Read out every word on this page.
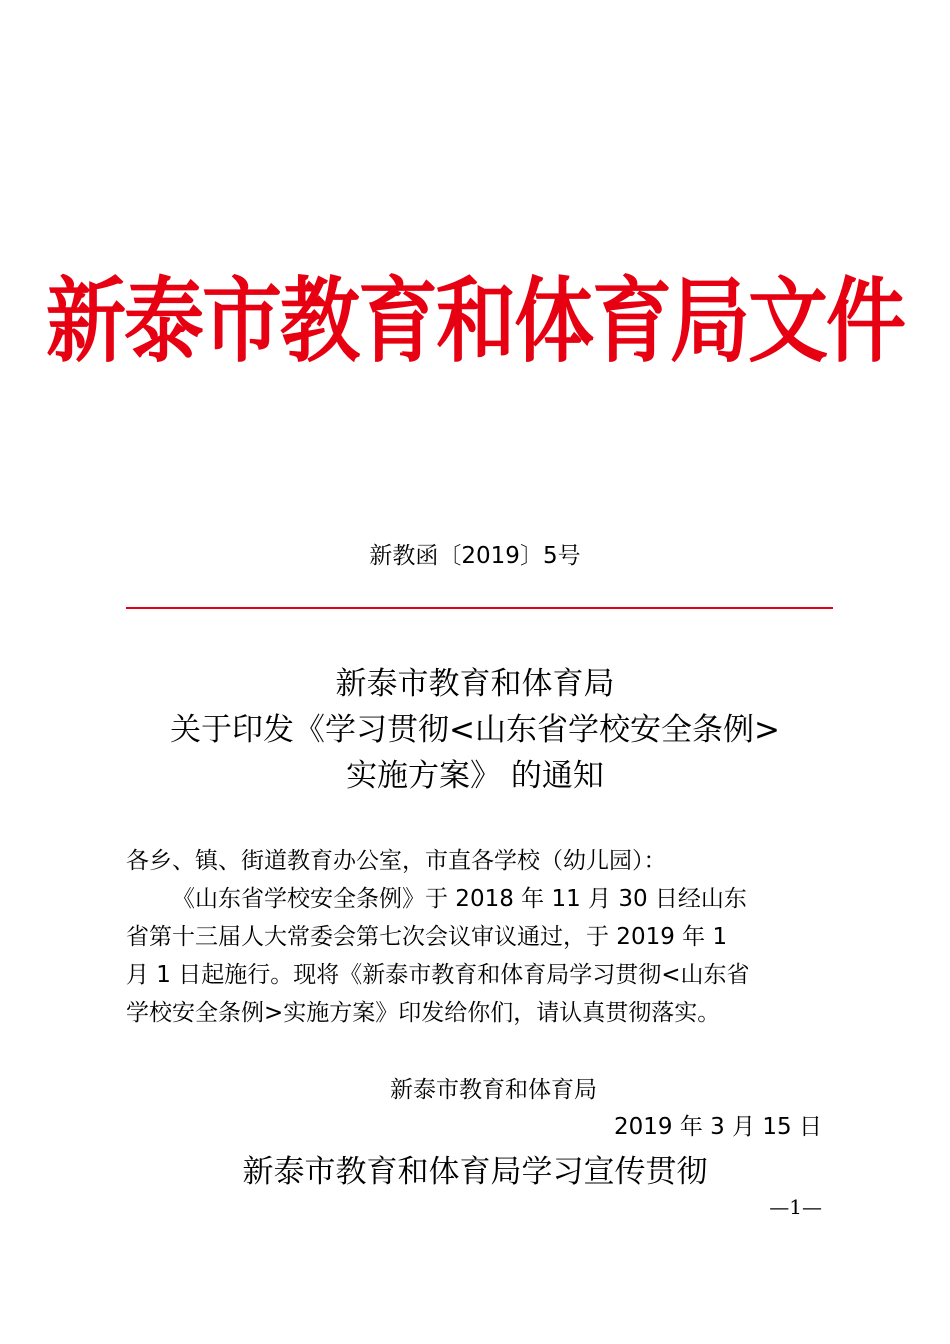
新泰市教育和体育局文件
新教函〔2019〕5号
新泰市教育和体育局
关于印发《学习贯彻<山东省学校安全条例>
实施方案》 的通知
各乡、镇、街道教育办公室，市直各学校（幼儿园）：
《山东省学校安全条例》于 2018 年 11 月 30 日经山东
省第十三届人大常委会第七次会议审议通过，于 2019 年 1
月 1 日起施行。现将《新泰市教育和体育局学习贯彻<山东省
学校安全条例>实施方案》印发给你们，请认真贯彻落实。
新泰市教育和体育局
2019 年 3 月 15 日
新泰市教育和体育局学习宣传贯彻
—1—
